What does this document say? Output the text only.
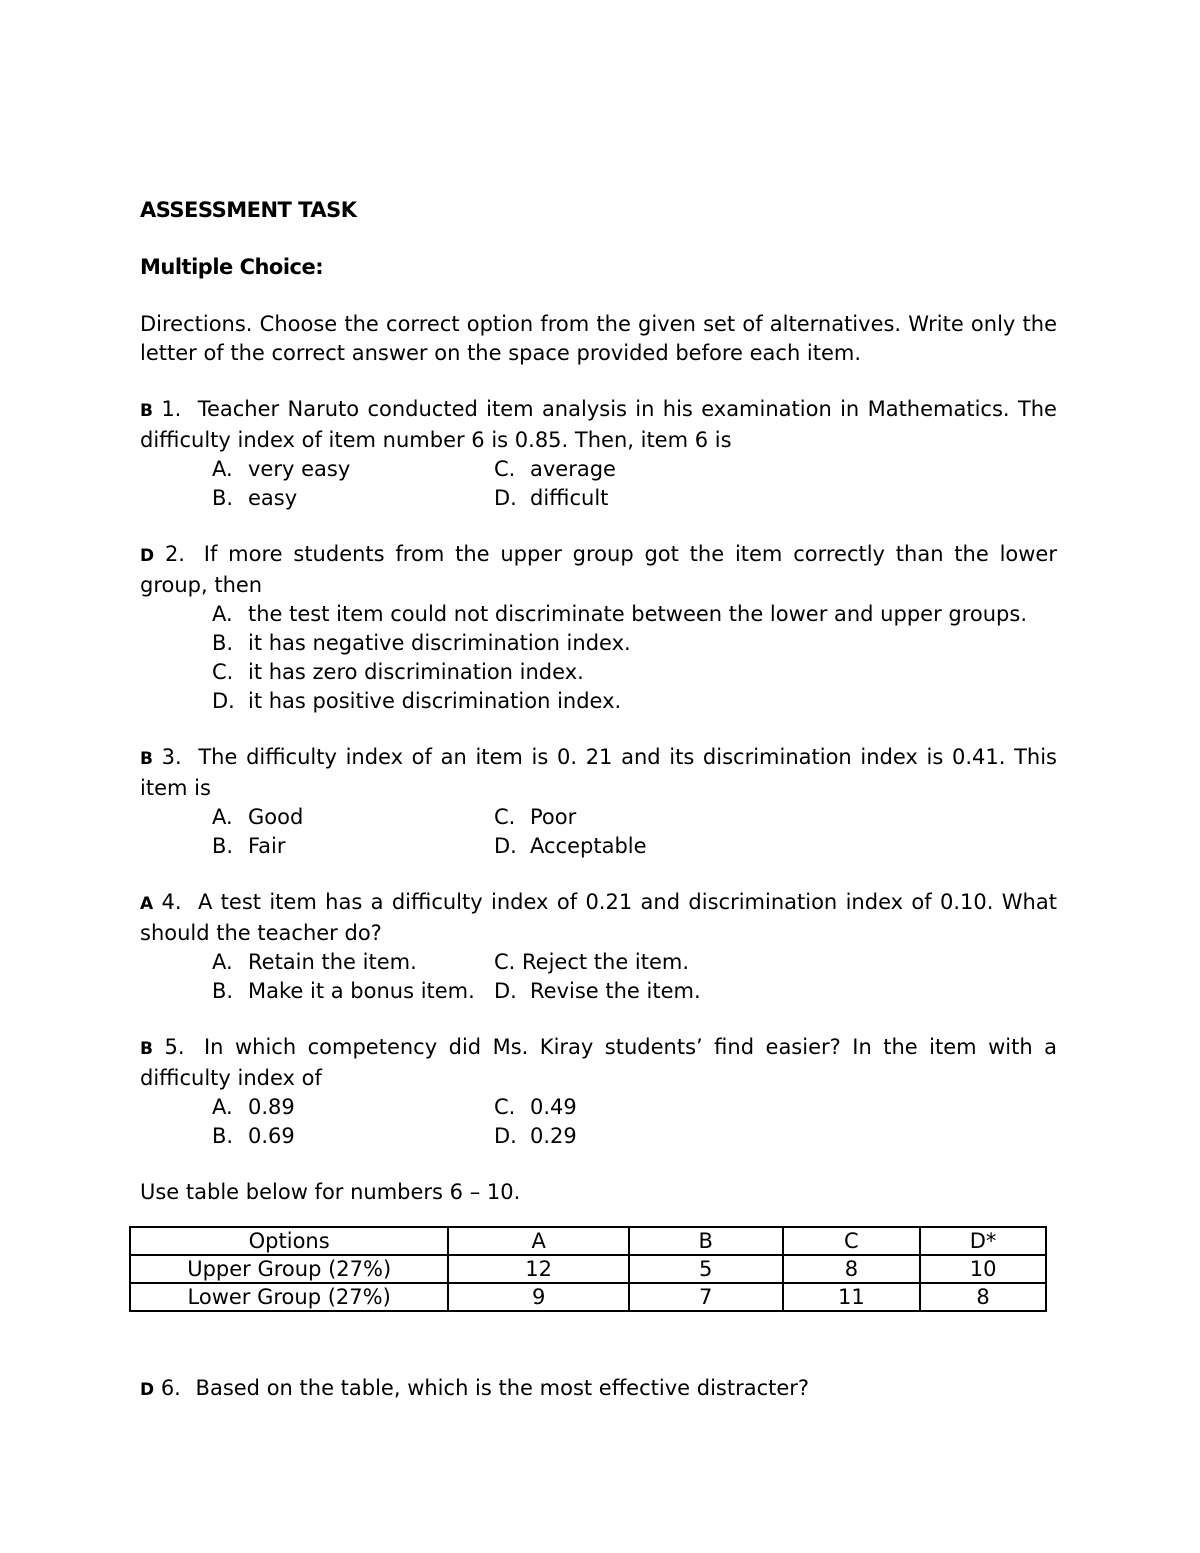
ASSESSMENT TASK
Multiple Choice:
Directions. Choose the correct option from the given set of alternatives. Write only the letter of the correct answer on the space provided before each item.
B 1. Teacher Naruto conducted item analysis in his examination in Mathematics. The difficulty index of item number 6 is 0.85. Then, item 6 is
A. very easy	C. average
B. easy	D. difficult
D 2. If more students from the upper group got the item correctly than the lower group, then
A. the test item could not discriminate between the lower and upper groups.
B. it has negative discrimination index.
C. it has zero discrimination index.
D. it has positive discrimination index.
B 3. The difficulty index of an item is 0. 21 and its discrimination index is 0.41. This item is
A. Good	C. Poor
B. Fair	D. Acceptable
A 4. A test item has a difficulty index of 0.21 and discrimination index of 0.10. What should the teacher do?
A. Retain the item.	C. Reject the item.
B. Make it a bonus item. D. Revise the item.
B 5. In which competency did Ms. Kiray students’ find easier? In the item with a difficulty index of
A. 0.89	C. 0.49
B. 0.69	D. 0.29
Use table below for numbers 6 – 10.
Options	A	B	C	D*
Upper Group (27%)	12	5	8	10
Lower Group (27%)	9	7	11	8
D 6. Based on the table, which is the most effective distracter?
